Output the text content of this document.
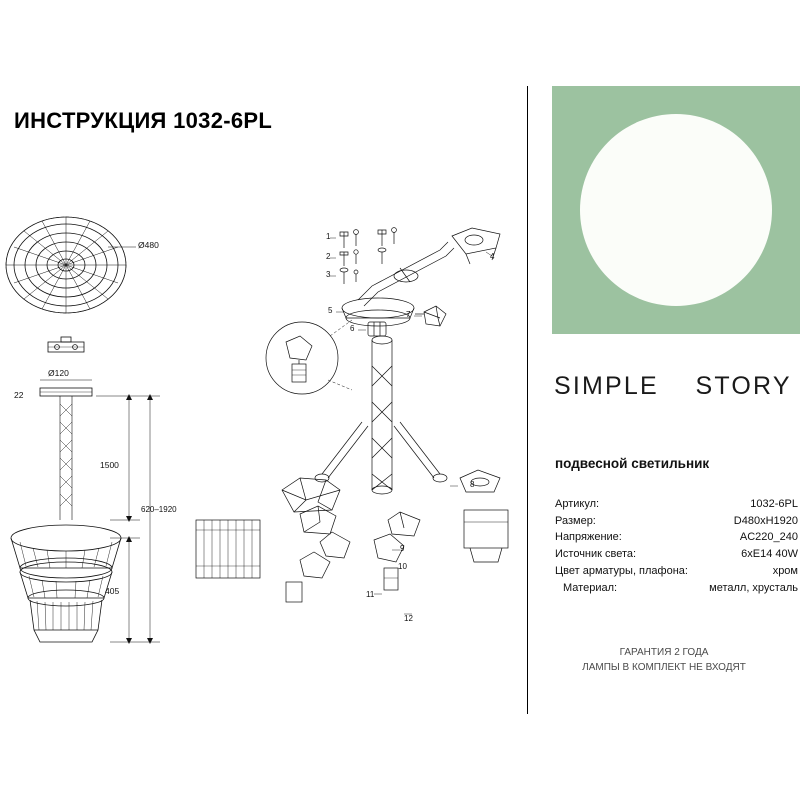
ИНСТРУКЦИЯ 1032-6PL
Ø480
Ø120
22
1500
620–1920
405
1
2
3
4
5
6
7
8
9
10
11
12
SIMPLE STORY
подвесной светильник
Артикул:	1032-6PL
Размер:	D480xH1920
Напряжение:	AC220_240
Источник света:	6xE14 40W
Цвет арматуры, плафона:	хром
Материал:	металл, хрусталь
ГАРАНТИЯ 2 ГОДА
ЛАМПЫ В КОМПЛЕКТ НЕ ВХОДЯТ
